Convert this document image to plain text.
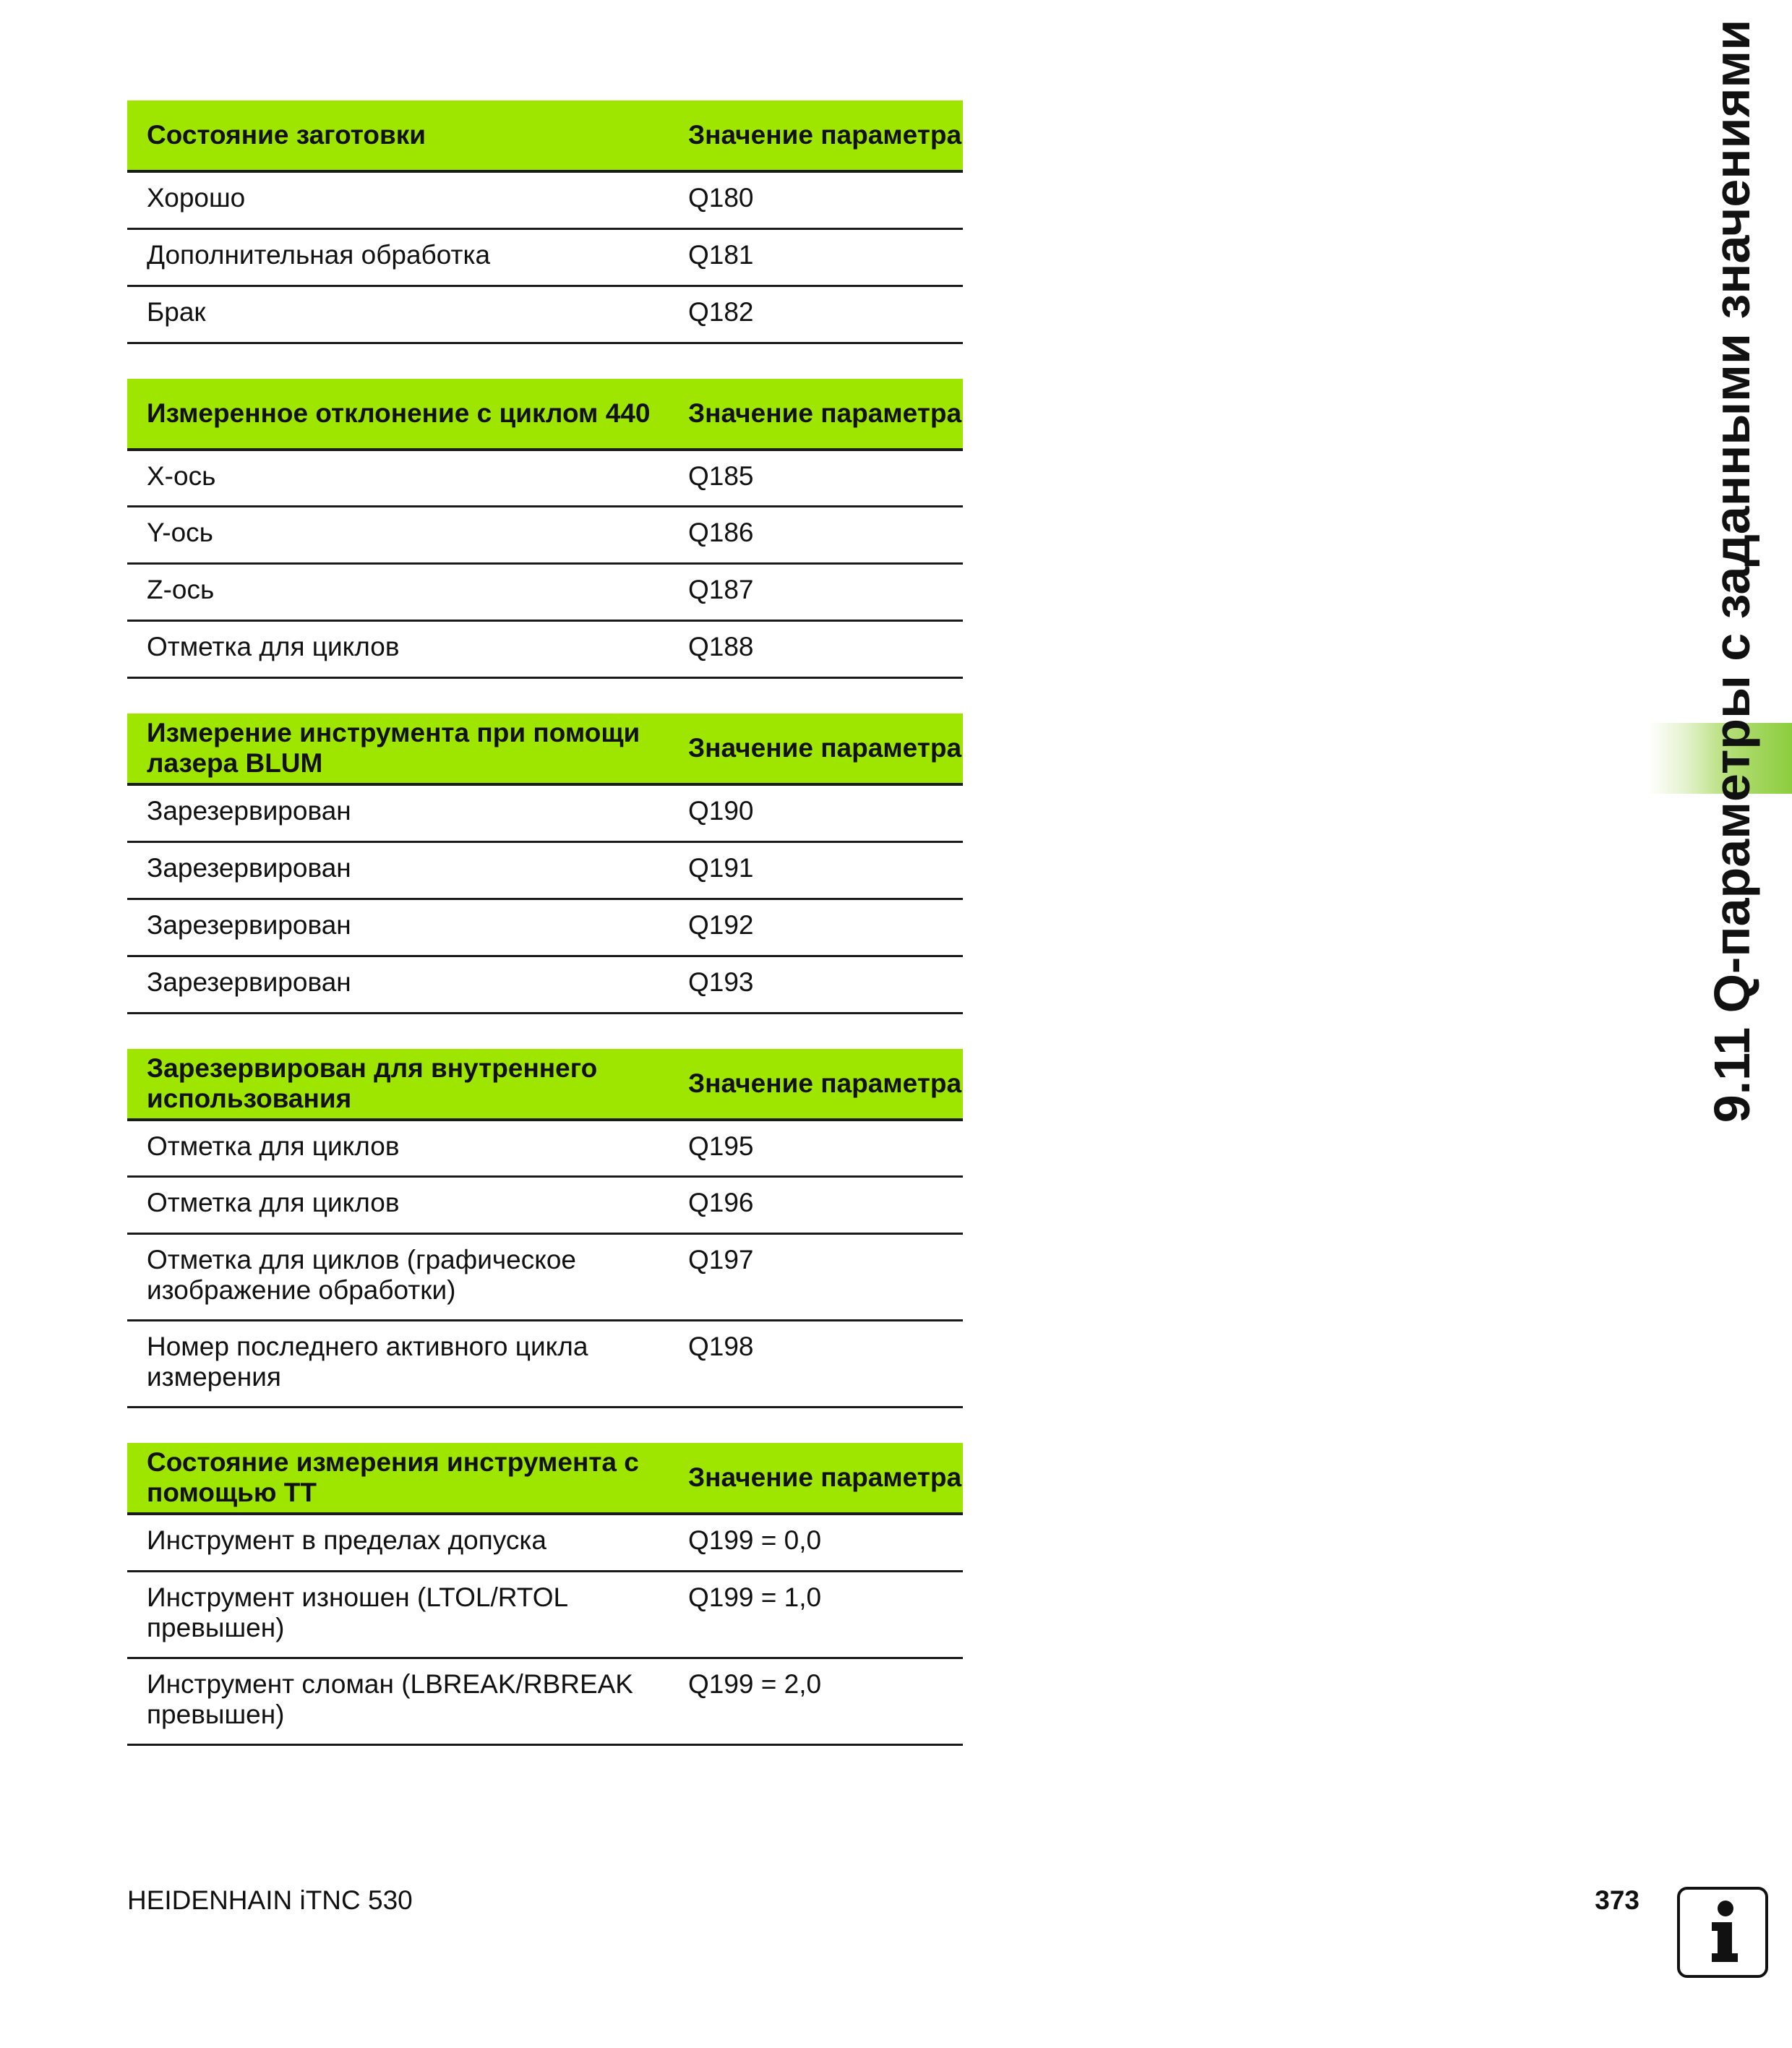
Состояние заготовки	Значение параметра
Хорошо	Q180
Дополнительная обработка	Q181
Брак	Q182
Измеренное отклонение с циклом 440	Значение параметра
X-ось	Q185
Y-ось	Q186
Z-ось	Q187
Отметка для циклов	Q188
Измерение инструмента при помощи лазера BLUM	Значение параметра
Зарезервирован	Q190
Зарезервирован	Q191
Зарезервирован	Q192
Зарезервирован	Q193
Зарезервирован для внутреннего использования	Значение параметра
Отметка для циклов	Q195
Отметка для циклов	Q196
Отметка для циклов (графическое изображение обработки)	Q197
Номер последнего активного цикла измерения	Q198
Состояние измерения инструмента с помощью TT	Значение параметра
Инструмент в пределах допуска	Q199 = 0,0
Инструмент изношен (LTOL/RTOL превышен)	Q199 = 1,0
Инструмент сломан (LBREAK/RBREAK превышен)	Q199 = 2,0
9.11 Q-параметры с заданными значениями
HEIDENHAIN iTNC 530	373
